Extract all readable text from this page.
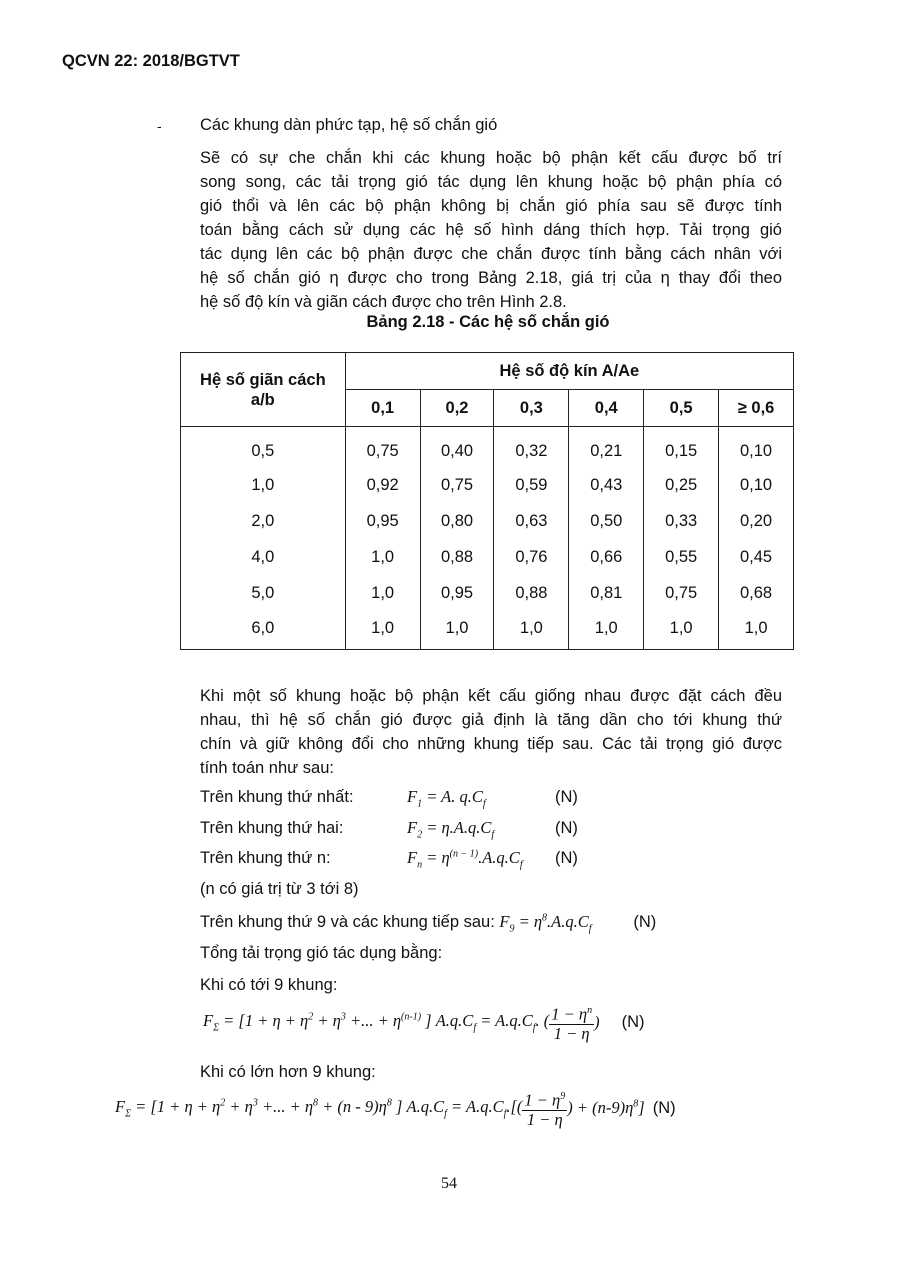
QCVN 22: 2018/BGTVT
- Các khung dàn phức tạp, hệ số chắn gió

Sẽ có sự che chắn khi các khung hoặc bộ phận kết cấu được bố trí

song song, các tải trọng gió tác dụng lên khung hoặc bộ phận phía có

gió thổi và lên các bộ phận không bị chắn gió phía sau sẽ được tính

toán bằng cách sử dụng các hệ số hình dáng thích hợp. Tải trọng gió

tác dụng lên các bộ phận được che chắn được tính bằng cách nhân với

hệ số chắn gió η được cho trong Bảng 2.18, giá trị của η thay đổi theo

hệ số độ kín và giãn cách được cho trên Hình 2.8.

Bảng 2.18 - Các hệ số chắn gió
Hệ số giãn cách a/b	Hệ số độ kín A/Ae					
	0,1	0,2	0,3	0,4	0,5	≥ 0,6
0,5	0,75	0,40	0,32	0,21	0,15	0,10
1,0	0,92	0,75	0,59	0,43	0,25	0,10
2,0	0,95	0,80	0,63	0,50	0,33	0,20
4,0	1,0	0,88	0,76	0,66	0,55	0,45
5,0	1,0	0,95	0,88	0,81	0,75	0,68
6,0	1,0	1,0	1,0	1,0	1,0	1,0

Khi một số khung hoặc bộ phận kết cấu giống nhau được đặt cách đều

nhau, thì hệ số chắn gió được giả định là tăng dần cho tới khung thứ

chín và giữ không đổi cho những khung tiếp sau. Các tải trọng gió được

tính toán như sau:

Trên khung thứ nhất:	$F_1 = A$. $q.C_f$	(N)
Trên khung thứ hai:	$F_2 = \eta.A.q.C_f$	(N)
Trên khung thứ n:	$F_n = \eta^{(n - 1)}.A.q.C_f$ (N)
(n có giá trị từ 3 tới 8)
Trên khung thứ 9 và các khung tiếp sau: $F_9 = \eta^8.A.q.C_f$	(N)
Tổng tải trọng gió tác dụng bằng:
Khi có tới 9 khung:
$F_\Sigma = [1 + \eta + \eta^2 + \eta^3$ +... + $\eta^{(n-1)}$ ] $A.q.C_f = A.q.C_f$. ( $\frac{1 - \eta^n}{1 - \eta}$ ) (N)
Khi có lớn hơn 9 khung:
$F_\Sigma = [1 + \eta + \eta^2 + \eta^3$ +... + $\eta^8 + (n - 9)\eta^8$ ] $A.q.C_f = A.q.C_f.[( \frac{1 - \eta^9}{1 - \eta}$ ) + $(n-9)\eta^8$] (N)
54
